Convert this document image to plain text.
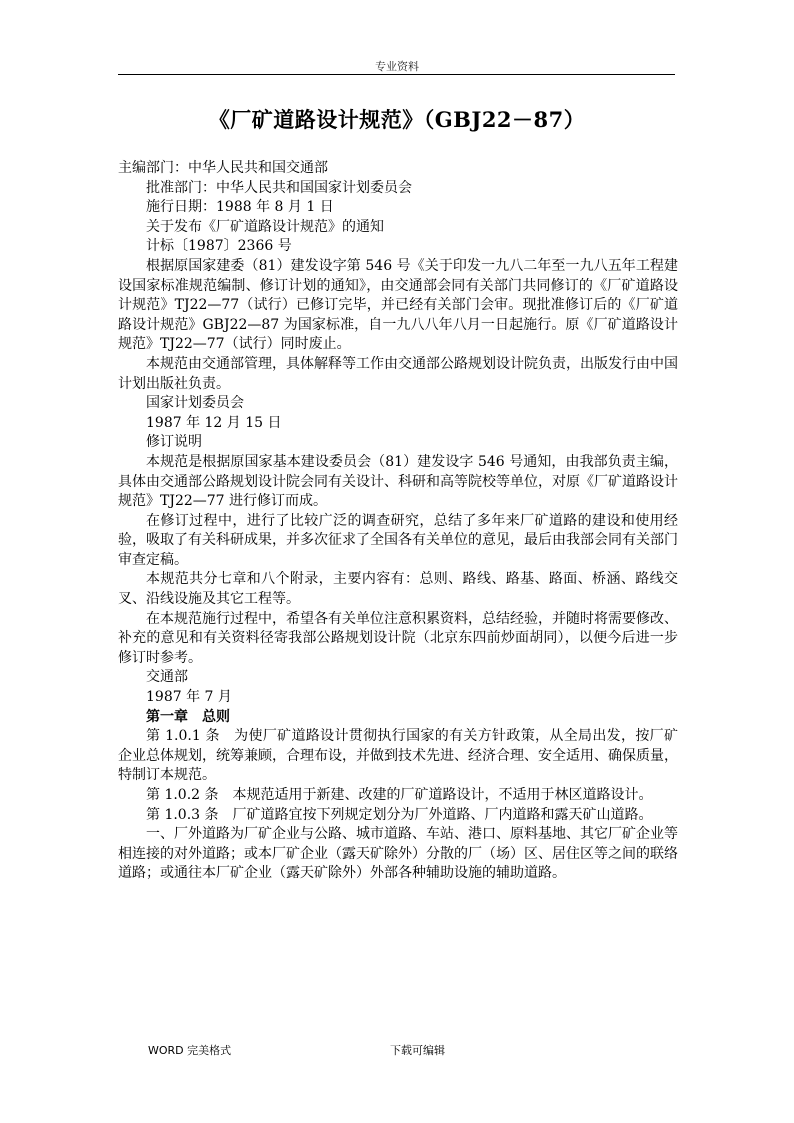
专业资料
《厂矿道路设计规范》（GBJ22－87）

主编部门：中华人民共和国交通部

批准部门：中华人民共和国国家计划委员会

施行日期：1988 年 8 月 1 日

关于发布《厂矿道路设计规范》的通知

计标〔1987〕2366 号

根据原国家建委（81）建发设字第 546 号《关于印发一九八二年至一九八五年工程建设国家标准规范编制、修订计划的通知》，由交通部会同有关部门共同修订的《厂矿道路设计规范》TJ22—77（试行）已修订完毕，并已经有关部门会审。现批准修订后的《厂矿道路设计规范》GBJ22—87 为国家标准，自一九八八年八月一日起施行。原《厂矿道路设计规范》TJ22—77（试行）同时废止。

本规范由交通部管理，具体解释等工作由交通部公路规划设计院负责，出版发行由中国计划出版社负责。

国家计划委员会

1987 年 12 月 15 日

修订说明

本规范是根据原国家基本建设委员会（81）建发设字 546 号通知，由我部负责主编，具体由交通部公路规划设计院会同有关设计、科研和高等院校等单位，对原《厂矿道路设计规范》TJ22—77 进行修订而成。

在修订过程中，进行了比较广泛的调查研究，总结了多年来厂矿道路的建设和使用经验，吸取了有关科研成果，并多次征求了全国各有关单位的意见，最后由我部会同有关部门审查定稿。

本规范共分七章和八个附录，主要内容有：总则、路线、路基、路面、桥涵、路线交叉、沿线设施及其它工程等。

在本规范施行过程中，希望各有关单位注意积累资料，总结经验，并随时将需要修改、补充的意见和有关资料径寄我部公路规划设计院（北京东四前炒面胡同），以便今后进一步修订时参考。

交通部

1987 年 7 月

第一章　总则

第 1.0.1 条　为使厂矿道路设计贯彻执行国家的有关方针政策，从全局出发，按厂矿企业总体规划，统筹兼顾，合理布设，并做到技术先进、经济合理、安全适用、确保质量，特制订本规范。

第 1.0.2 条　本规范适用于新建、改建的厂矿道路设计，不适用于林区道路设计。

第 1.0.3 条　厂矿道路宜按下列规定划分为厂外道路、厂内道路和露天矿山道路。

一、厂外道路为厂矿企业与公路、城市道路、车站、港口、原料基地、其它厂矿企业等相连接的对外道路；或本厂矿企业（露天矿除外）分散的厂（场）区、居住区等之间的联络道路；或通往本厂矿企业（露天矿除外）外部各种辅助设施的辅助道路。

WORD 完美格式	下载可编辑
